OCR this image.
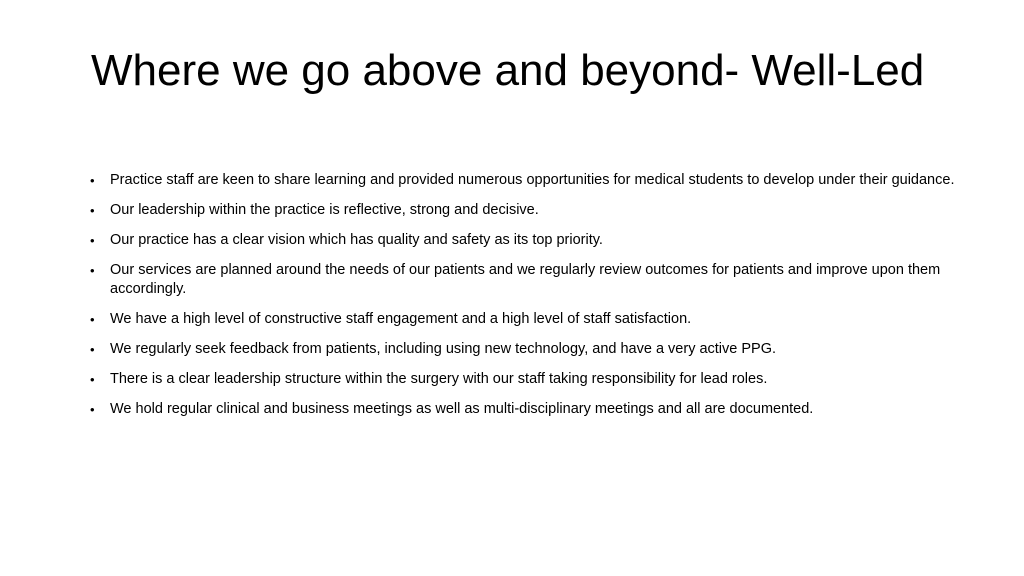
Where we go above and beyond- Well-Led
•	Practice staff are keen to share learning and provided numerous opportunities for medical students to develop under their guidance.
•	Our leadership within the practice is reflective, strong and decisive.
•	Our practice has a clear vision which has quality and safety as its top priority.
•	Our services are planned around the needs of our patients and we regularly review outcomes for patients and improve upon them accordingly.
•	We have a high level of constructive staff engagement and a high level of staff satisfaction.
•	We regularly seek feedback from patients, including using new technology, and have a very active PPG.
•	There is a clear leadership structure within the surgery with our staff taking responsibility for lead roles.
•	We hold regular clinical and business meetings as well as multi-disciplinary meetings and all are documented.
